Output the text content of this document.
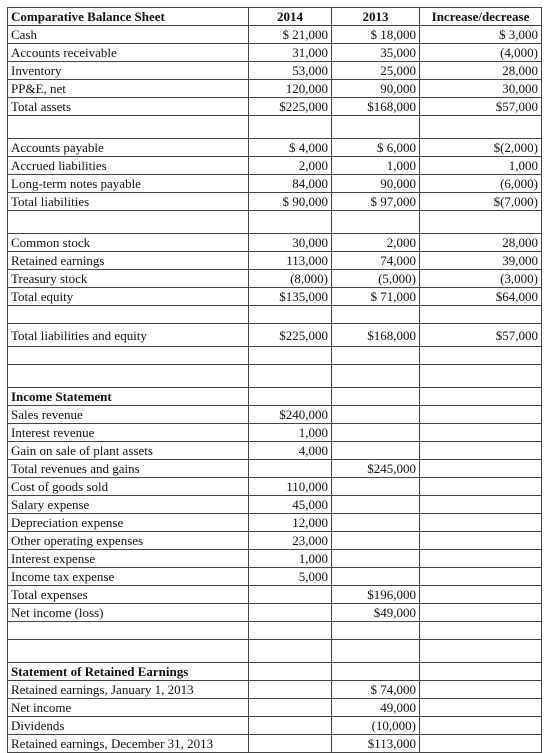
Comparative Balance Sheet	2014	2013	Increase/decrease
Cash	$ 21,000	$ 18,000	$ 3,000
Accounts receivable	31,000	35,000	(4,000)
Inventory	53,000	25,000	28,000
PP&E, net	120,000	90,000	30,000
Total assets	$225,000	$168,000	$57,000

Accounts payable	$ 4,000	$ 6,000	$(2,000)
Accrued liabilities	2,000	1,000	1,000
Long-term notes payable	84,000	90,000	(6,000)
Total liabilities	$ 90,000	$ 97,000	$(7,000)

Common stock	30,000	2,000	28,000
Retained earnings	113,000	74,000	39,000
Treasury stock	(8,000)	(5,000)	(3,000)
Total equity	$135,000	$ 71,000	$64,000

Total liabilities and equity	$225,000	$168,000	$57,000

Income Statement			
Sales revenue	$240,000		
Interest revenue	1,000		
Gain on sale of plant assets	4,000		
Total revenues and gains		$245,000	
Cost of goods sold	110,000		
Salary expense	45,000		
Depreciation expense	12,000		
Other operating expenses	23,000		
Interest expense	1,000		
Income tax expense	5,000		
Total expenses		$196,000	
Net income (loss)		$49,000	

Statement of Retained Earnings			
Retained earnings, January 1, 2013		$ 74,000	
Net income		49,000	
Dividends		(10,000)	
Retained earnings, December 31, 2013		$113,000	
